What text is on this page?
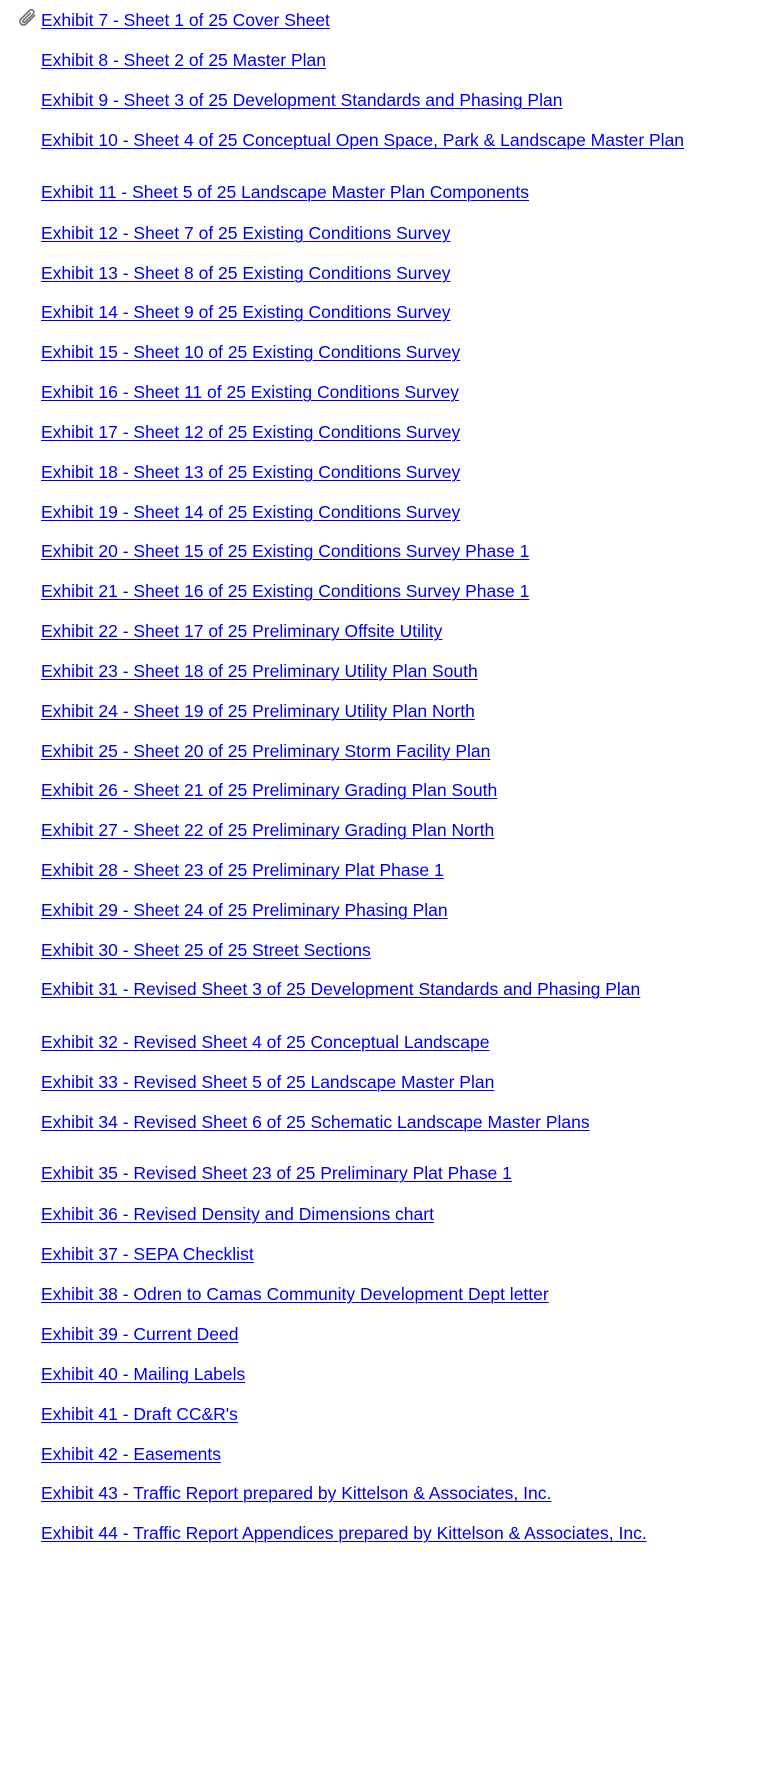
Exhibit 7 - Sheet 1 of 25 Cover Sheet
Exhibit 8 - Sheet 2 of 25 Master Plan
Exhibit 9 - Sheet 3 of 25 Development Standards and Phasing Plan
Exhibit 10 - Sheet 4 of 25 Conceptual Open Space, Park & Landscape Master Plan
Exhibit 11 - Sheet 5 of 25 Landscape Master Plan Components
Exhibit 12 - Sheet 7 of 25 Existing Conditions Survey
Exhibit 13 - Sheet 8 of 25 Existing Conditions Survey
Exhibit 14 - Sheet 9 of 25 Existing Conditions Survey
Exhibit 15 - Sheet 10 of 25 Existing Conditions Survey
Exhibit 16 - Sheet 11 of 25 Existing Conditions Survey
Exhibit 17 - Sheet 12 of 25 Existing Conditions Survey
Exhibit 18 - Sheet 13 of 25 Existing Conditions Survey
Exhibit 19 - Sheet 14 of 25 Existing Conditions Survey
Exhibit 20 - Sheet 15 of 25 Existing Conditions Survey Phase 1
Exhibit 21 - Sheet 16 of 25 Existing Conditions Survey Phase 1
Exhibit 22 - Sheet 17 of 25 Preliminary Offsite Utility
Exhibit 23 - Sheet 18 of 25 Preliminary Utility Plan South
Exhibit 24 - Sheet 19 of 25 Preliminary Utility Plan North
Exhibit 25 - Sheet 20 of 25 Preliminary Storm Facility Plan
Exhibit 26 - Sheet 21 of 25 Preliminary Grading Plan South
Exhibit 27 - Sheet 22 of 25 Preliminary Grading Plan North
Exhibit 28 - Sheet 23 of 25 Preliminary Plat Phase 1
Exhibit 29 - Sheet 24 of 25 Preliminary Phasing Plan
Exhibit 30 - Sheet 25 of 25 Street Sections
Exhibit 31 - Revised Sheet 3 of 25 Development Standards and Phasing Plan
Exhibit 32 - Revised Sheet 4 of 25 Conceptual Landscape
Exhibit 33 - Revised Sheet 5 of 25 Landscape Master Plan
Exhibit 34 - Revised Sheet 6 of 25 Schematic Landscape Master Plans
Exhibit 35 - Revised Sheet 23 of 25 Preliminary Plat Phase 1
Exhibit 36 - Revised Density and Dimensions chart
Exhibit 37 - SEPA Checklist
Exhibit 38 - Odren to Camas Community Development Dept letter
Exhibit 39 - Current Deed
Exhibit 40 - Mailing Labels
Exhibit 41 - Draft CC&R's
Exhibit 42 - Easements
Exhibit 43 - Traffic Report prepared by Kittelson & Associates, Inc.
Exhibit 44 - Traffic Report Appendices prepared by Kittelson & Associates, Inc.
